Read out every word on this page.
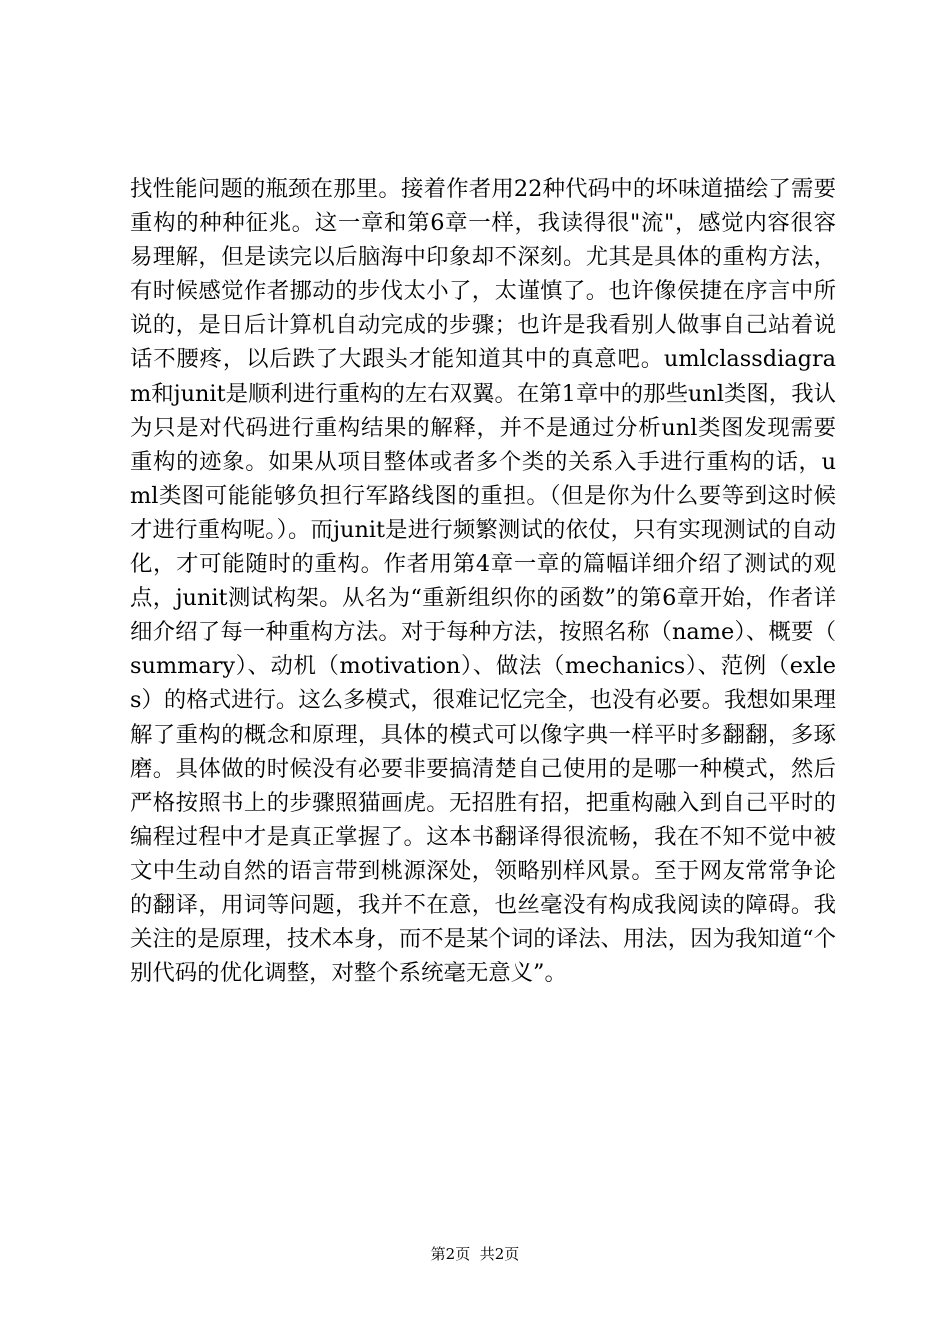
找性能问题的瓶颈在那里。接着作者用22种代码中的坏味道描绘了需要重构的种种征兆。这一章和第6章一样，我读得很"流"，感觉内容很容易理解，但是读完以后脑海中印象却不深刻。尤其是具体的重构方法，有时候感觉作者挪动的步伐太小了，太谨慎了。也许像侯捷在序言中所说的，是日后计算机自动完成的步骤；也许是我看别人做事自己站着说话不腰疼，以后跌了大跟头才能知道其中的真意吧。umlclassdiagram和junit是顺利进行重构的左右双翼。在第1章中的那些unl类图，我认为只是对代码进行重构结果的解释，并不是通过分析unl类图发现需要重构的迹象。如果从项目整体或者多个类的关系入手进行重构的话，uml类图可能能够负担行军路线图的重担。（但是你为什么要等到这时候才进行重构呢。）。而junit是进行频繁测试的依仗，只有实现测试的自动化，才可能随时的重构。作者用第4章一章的篇幅详细介绍了测试的观点，junit测试构架。从名为“重新组织你的函数”的第6章开始，作者详细介绍了每一种重构方法。对于每种方法，按照名称（name）、概要（summary）、动机（motivation）、做法（mechanics）、范例（exles）的格式进行。这么多模式，很难记忆完全，也没有必要。我想如果理解了重构的概念和原理，具体的模式可以像字典一样平时多翻翻，多琢磨。具体做的时候没有必要非要搞清楚自己使用的是哪一种模式，然后严格按照书上的步骤照猫画虎。无招胜有招，把重构融入到自己平时的编程过程中才是真正掌握了。这本书翻译得很流畅，我在不知不觉中被文中生动自然的语言带到桃源深处，领略别样风景。至于网友常常争论的翻译，用词等问题，我并不在意，也丝毫没有构成我阅读的障碍。我关注的是原理，技术本身，而不是某个词的译法、用法，因为我知道“个别代码的优化调整，对整个系统毫无意义”。

第2页 共2页
